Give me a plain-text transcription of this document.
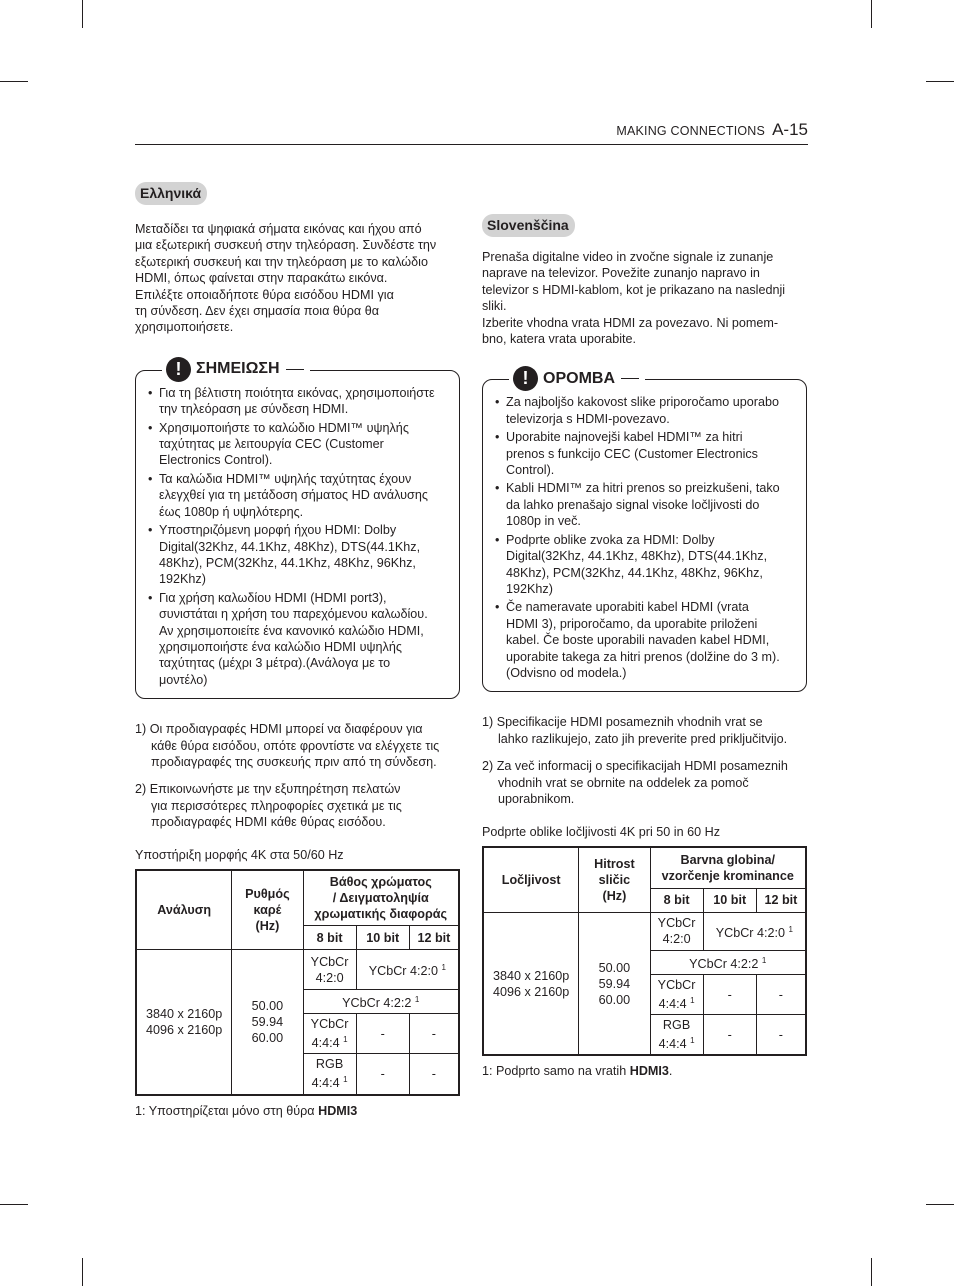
MAKING CONNECTIONS A-15
Ελληνικά

Μεταδίδει τα ψηφιακά σήματα εικόνας και ήχου από
μια εξωτερική συσκευή στην τηλεόραση. Συνδέστε την
εξωτερική συσκευή και την τηλεόραση με το καλώδιο
HDMI, όπως φαίνεται στην παρακάτω εικόνα.
Επιλέξτε οποιαδήποτε θύρα εισόδου HDMI για
τη σύνδεση. Δεν έχει σημασία ποια θύρα θα
χρησιμοποιήσετε.

! ΣΗΜΕΙΩΣΗ
• Για τη βέλτιστη ποιότητα εικόνας, χρησιμοποιήστε
την τηλεόραση με σύνδεση HDMI.
• Χρησιμοποιήστε το καλώδιο HDMI™ υψηλής
ταχύτητας με λειτουργία CEC (Customer
Electronics Control).
• Τα καλώδια HDMI™ υψηλής ταχύτητας έχουν
ελεγχθεί για τη μετάδοση σήματος HD ανάλυσης
έως 1080p ή υψηλότερης.
• Υποστηριζόμενη μορφή ήχου HDMI: Dolby
Digital(32Khz, 44.1Khz, 48Khz), DTS(44.1Khz,
48Khz), PCM(32Khz, 44.1Khz, 48Khz, 96Khz,
192Khz)
• Για χρήση καλωδίου HDMI (HDMI port3),
συνιστάται η χρήση του παρεχόμενου καλωδίου.
Αν χρησιμοποιείτε ένα κανονικό καλώδιο HDMI,
χρησιμοποιήστε ένα καλώδιο HDMI υψηλής
ταχύτητας (μέχρι 3 μέτρα).(Ανάλογα με το
μοντέλο)

1) Οι προδιαγραφές HDMI μπορεί να διαφέρουν για
κάθε θύρα εισόδου, οπότε φροντίστε να ελέγχετε τις
προδιαγραφές της συσκευής πριν από τη σύνδεση.

2) Επικοινωνήστε με την εξυπηρέτηση πελατών
για περισσότερες πληροφορίες σχετικά με τις
προδιαγραφές HDMI κάθε θύρας εισόδου.

Υποστήριξη μορφής 4K στα 50/60 Hz

Ανάλυση	Ρυθμός
καρέ
(Hz)	Βάθος χρώματος
/ Δειγματοληψία
χρωματικής διαφοράς		
		8 bit	10 bit	12 bit
3840 x 2160p
4096 x 2160p	50.00
59.94
60.00	YCbCr
4:2:0	YCbCr 4:2:0 $^1$
		YCbCr 4:2:2 $^1$
		YCbCr
4:4:4 $^1$	-	-
		RGB
4:4:4 $^1$	-	-

1: Υποστηρίζεται μόνο στη θύρα HDMI3

Slovenščina

Prenaša digitalne video in zvočne signale iz zunanje
naprave na televizor. Povežite zunanjo napravo in
televizor s HDMI-kablom, kot je prikazano na naslednji
sliki.
Izberite vhodna vrata HDMI za povezavo. Ni pomem-
bno, katera vrata uporabite.

! OPOMBA
• Za najboljšo kakovost slike priporočamo uporabo
televizorja s HDMI-povezavo.
• Uporabite najnovejši kabel HDMI™ za hitri
prenos s funkcijo CEC (Customer Electronics
Control).
• Kabli HDMI™ za hitri prenos so preizkušeni, tako
da lahko prenašajo signal visoke ločljivosti do
1080p in več.
• Podprte oblike zvoka za HDMI: Dolby
Digital(32Khz, 44.1Khz, 48Khz), DTS(44.1Khz,
48Khz), PCM(32Khz, 44.1Khz, 48Khz, 96Khz,
192Khz)
• Če nameravate uporabiti kabel HDMI (vrata
HDMI 3), priporočamo, da uporabite priloženi
kabel. Če boste uporabili navaden kabel HDMI,
uporabite takega za hitri prenos (dolžine do 3 m).
(Odvisno od modela.)

1) Specifikacije HDMI posameznih vhodnih vrat se
lahko razlikujejo, zato jih preverite pred priključitvijo.

2) Za več informacij o specifikacijah HDMI posameznih
vhodnih vrat se obrnite na oddelek za pomoč
uporabnikom.

Podprte oblike ločljivosti 4K pri 50 in 60 Hz

Ločljivost	Hitrost
sličic
(Hz)	Barvna globina/
vzorčenje krominance		
		8 bit	10 bit	12 bit
3840 x 2160p
4096 x 2160p	50.00
59.94
60.00	YCbCr
4:2:0	YCbCr 4:2:0 $^1$
		YCbCr 4:2:2 $^1$
		YCbCr
4:4:4 $^1$	-	-
		RGB
4:4:4 $^1$	-	-

1: Podprto samo na vratih HDMI3.
